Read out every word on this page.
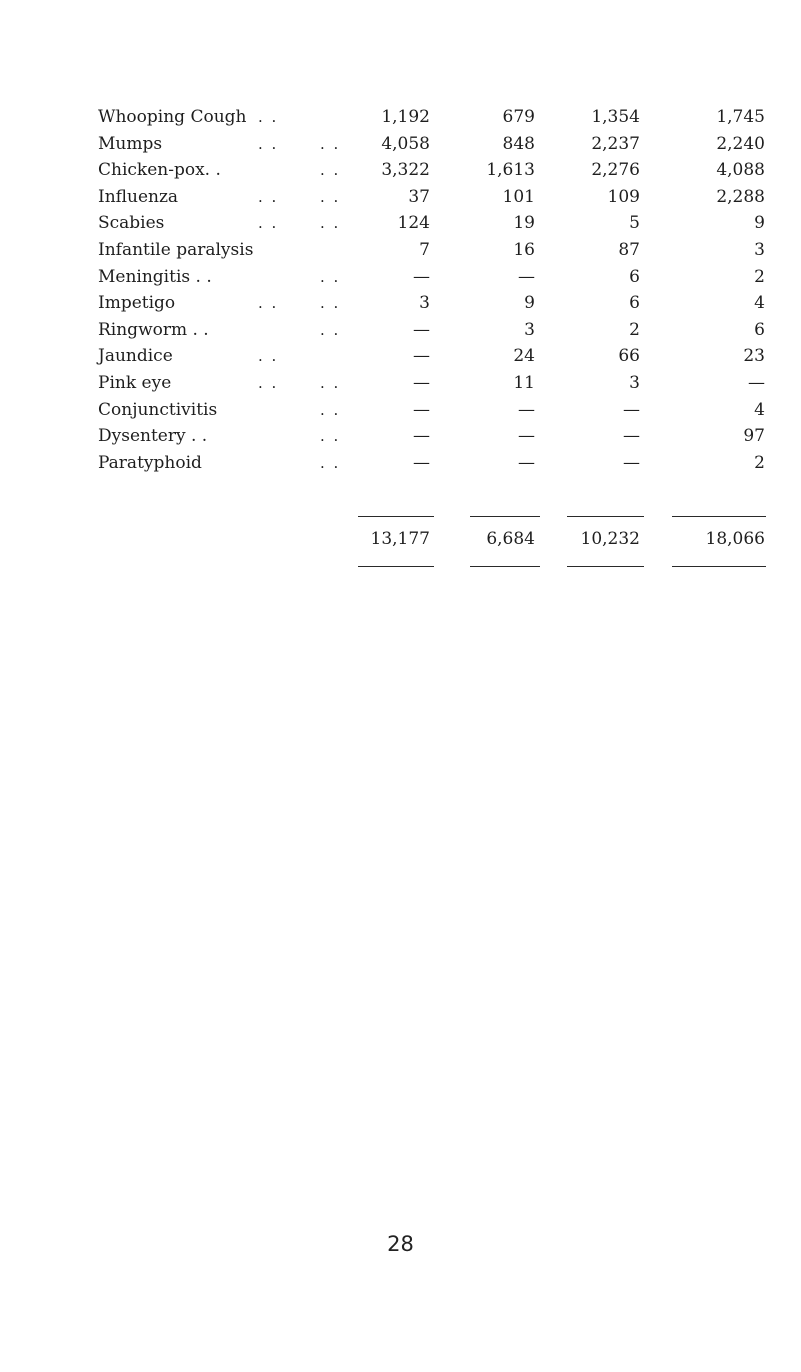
Whooping Cough . .	1,192	679	1,354	1,745
Mumps	. .	. .	4,058	848	2,237	2,240
Chicken-pox. .	. .	3,322	1,613	2,276	4,088
Influenza	. .	. .	37	101	109	2,288
Scabies	. .	. .	124	19	5	9
Infantile paralysis	7	16	87	3
Meningitis . .	. .	—	—	6	2
Impetigo	. .	. .	3	9	6	4
Ringworm . .	. .	—	3	2	6
Jaundice	. .	—	24	66	23
Pink eye	. .	. .	—	11	3	—
Conjunctivitis	. .	—	—	—	4
Dysentery . .	. .	—	—	—	97
Paratyphoid	. .	—	—	—	2
13,177	6,684	10,232	18,066
28
